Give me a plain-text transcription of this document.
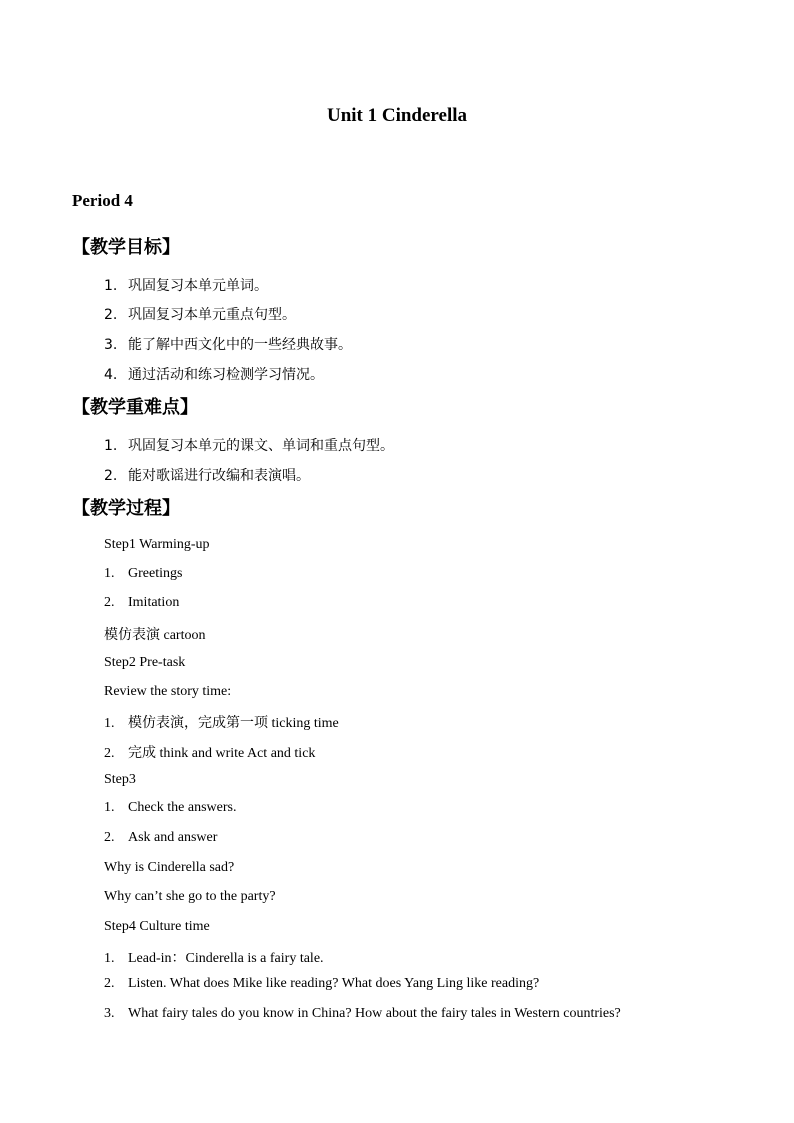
Unit 1 Cinderella
Period 4
【教学目标】
1. 巩固复习本单元单词。
2. 巩固复习本单元重点句型。
3. 能了解中西文化中的一些经典故事。
4. 通过活动和练习检测学习情况。
【教学重难点】
1. 巩固复习本单元的课文、单词和重点句型。
2. 能对歌谣进行改编和表演唱。
【教学过程】
Step1 Warming-up
1. Greetings
2. Imitation
模仿表演 cartoon
Step2 Pre-task
Review the story time:
1. 模仿表演，完成第一项 ticking time
2. 完成 think and write Act and tick
Step3
1. Check the answers.
2. Ask and answer
Why is Cinderella sad?
Why can’t she go to the party?
Step4 Culture time
1. Lead-in：Cinderella is a fairy tale.
2. Listen. What does Mike like reading? What does Yang Ling like reading?
3. What fairy tales do you know in China? How about the fairy tales in Western countries?
